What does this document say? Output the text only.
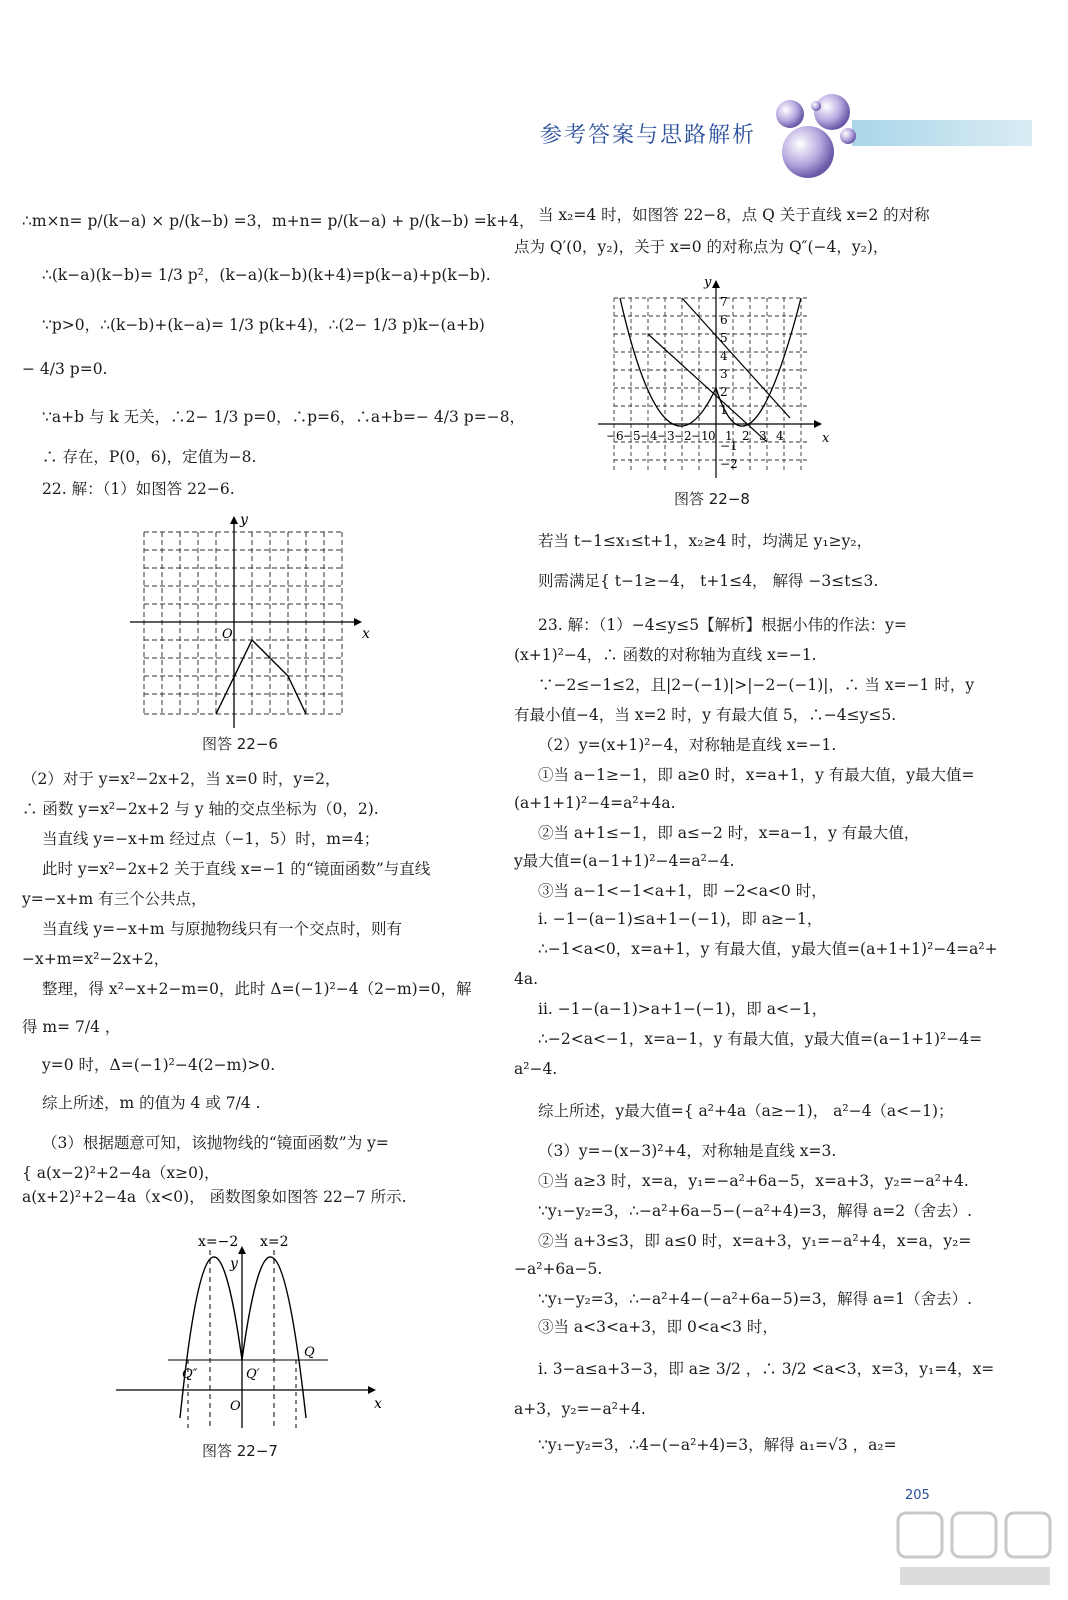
参考答案与思路解析

∴m×n= p/(k−a) × p/(k−b) =3，m+n= p/(k−a) + p/(k−b) =k+4，

∴(k−a)(k−b)= 1/3 p²，(k−a)(k−b)(k+4)=p(k−a)+p(k−b).

∵p>0，∴(k−b)+(k−a)= 1/3 p(k+4)，∴(2− 1/3 p)k−(a+b)

− 4/3 p=0.

∵a+b 与 k 无关，∴2− 1/3 p=0，∴p=6，∴a+b=− 4/3 p=−8，

∴ 存在，P(0，6)，定值为−8.

22. 解：（1）如图答 22−6.

y
x
O

图答 22−6

（2）对于 y=x²−2x+2，当 x=0 时，y=2，

∴ 函数 y=x²−2x+2 与 y 轴的交点坐标为（0，2).

当直线 y=−x+m 经过点（−1，5）时，m=4；

此时 y=x²−2x+2 关于直线 x=−1 的“镜面函数”与直线

y=−x+m 有三个公共点，

当直线 y=−x+m 与原抛物线只有一个交点时，则有

−x+m=x²−2x+2，

整理，得 x²−x+2−m=0，此时 Δ=(−1)²−4（2−m)=0，解

得 m= 7/4 ，

y=0 时，Δ=(−1)²−4(2−m)>0.

综上所述，m 的值为 4 或 7/4 .

（3）根据题意可知，该抛物线的“镜面函数”为 y=

{ a(x−2)²+2−4a（x≥0)，

a(x+2)²+2−4a（x<0)， 函数图象如图答 22−7 所示.

x=−2 x=2
y
x
O
Q″	Q′
Q

图答 22−7

当 x₂=4 时，如图答 22−8，点 Q 关于直线 x=2 的对称

点为 Q′(0，y₂)，关于 x=0 的对称点为 Q″(−4，y₂)，

y
x
−6 −5 −4 −3 −2 −1 0 1 2 3 4
7
6
5
4
3
2
1
−1
−2

图答 22−8

若当 t−1≤x₁≤t+1，x₂≥4 时，均满足 y₁≥y₂，

则需满足{ t−1≥−4， t+1≤4， 解得 −3≤t≤3.

23. 解：（1）−4≤y≤5【解析】根据小伟的作法：y=

(x+1)²−4，∴ 函数的对称轴为直线 x=−1.

∵−2≤−1≤2，且|2−(−1)|>|−2−(−1)|，∴ 当 x=−1 时，y

有最小值−4，当 x=2 时，y 有最大值 5，∴−4≤y≤5.

（2）y=(x+1)²−4，对称轴是直线 x=−1.

①当 a−1≥−1，即 a≥0 时，x=a+1，y 有最大值，y最大值=

(a+1+1)²−4=a²+4a.

②当 a+1≤−1，即 a≤−2 时，x=a−1，y 有最大值，

y最大值=(a−1+1)²−4=a²−4.

③当 a−1<−1<a+1，即 −2<a<0 时，

ⅰ. −1−(a−1)≤a+1−(−1)，即 a≥−1，

∴−1<a<0，x=a+1，y 有最大值，y最大值=(a+1+1)²−4=a²+

4a.

ⅱ. −1−(a−1)>a+1−(−1)，即 a<−1，

∴−2<a<−1，x=a−1，y 有最大值，y最大值=(a−1+1)²−4=

a²−4.

综上所述，y最大值={ a²+4a（a≥−1)， a²−4（a<−1)；

（3）y=−(x−3)²+4，对称轴是直线 x=3.

①当 a≥3 时，x=a，y₁=−a²+6a−5，x=a+3，y₂=−a²+4.

∵y₁−y₂=3，∴−a²+6a−5−(−a²+4)=3，解得 a=2（舍去）.

②当 a+3≤3，即 a≤0 时，x=a+3，y₁=−a²+4，x=a，y₂=

−a²+6a−5.

∵y₁−y₂=3，∴−a²+4−(−a²+6a−5)=3，解得 a=1（舍去）.

③当 a<3<a+3，即 0<a<3 时，

ⅰ. 3−a≤a+3−3，即 a≥ 3/2 ，∴ 3/2 <a<3，x=3，y₁=4，x=

a+3，y₂=−a²+4.

∵y₁−y₂=3，∴4−(−a²+4)=3，解得 a₁=√3 ，a₂=

205
